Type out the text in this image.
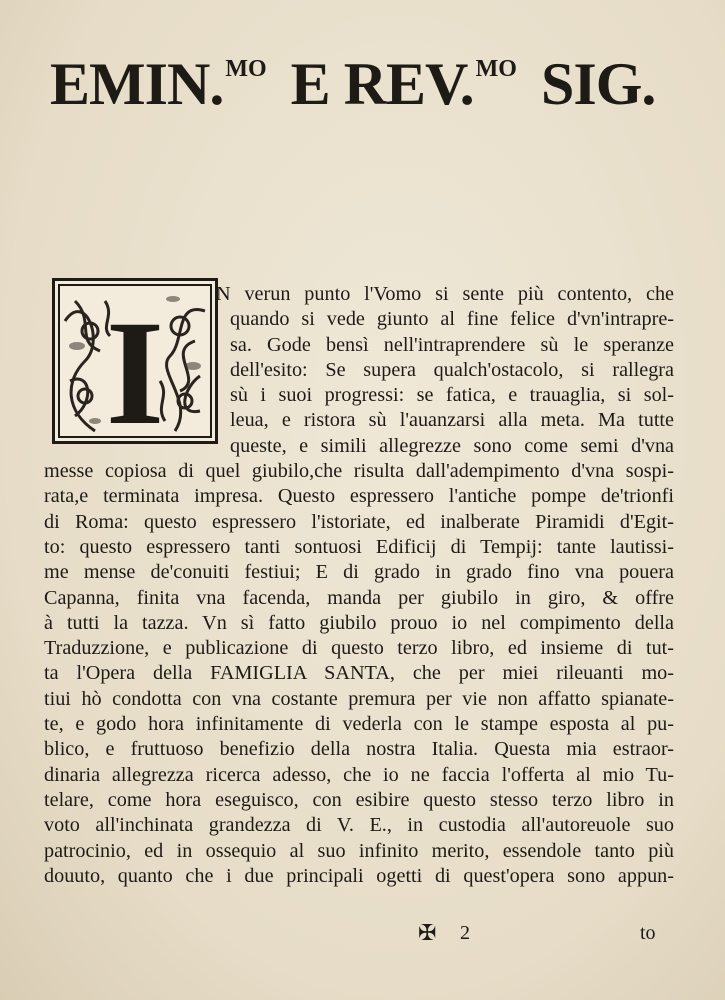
EMIN.$^{MO}$ E REV.$^{MO}$ SIG.
I	N verun punto l'Vomo si sente più contento, che
quando si vede giunto al fine felice d'vn'intrapre-
sa. Gode bensì nell'intraprendere sù le speranze
dell'esito: Se supera qualch'ostacolo, si rallegra
sù i suoi progressi: se fatica, e trauaglia, si sol-
leua, e ristora sù l'auanzarsi alla meta. Ma tutte
queste, e simili allegrezze sono come semi d'vna
messe copiosa di quel giubilo,che risulta dall'adempimento d'vna sospi-
rata,e terminata impresa. Questo espressero l'antiche pompe de'trionfi
di Roma: questo espressero l'istoriate, ed inalberate Piramidi d'Egit-
to: questo espressero tanti sontuosi Edificij di Tempij: tante lautissi-
me mense de'conuiti festiui; E di grado in grado fino vna pouera
Capanna, finita vna facenda, manda per giubilo in giro, & offre
à tutti la tazza. Vn sì fatto giubilo prouo io nel compimento della
Traduzzione, e publicazione di questo terzo libro, ed insieme di tut-
ta l'Opera della FAMIGLIA SANTA, che per miei rileuanti mo-
tiui hò condotta con vna costante premura per vie non affatto spianate-
te, e godo hora infinitamente di vederla con le stampe esposta al pu-
blico, e fruttuoso benefizio della nostra Italia. Questa mia estraor-
dinaria allegrezza ricerca adesso, che io ne faccia l'offerta al mio Tu-
telare, come hora eseguisco, con esibire questo stesso terzo libro in
voto all'inchinata grandezza di V. E., in custodia all'autoreuole suo
patrocinio, ed in ossequio al suo infinito merito, essendole tanto più
douuto, quanto che i due principali ogetti di quest'opera sono appun-
✠ 2	to
